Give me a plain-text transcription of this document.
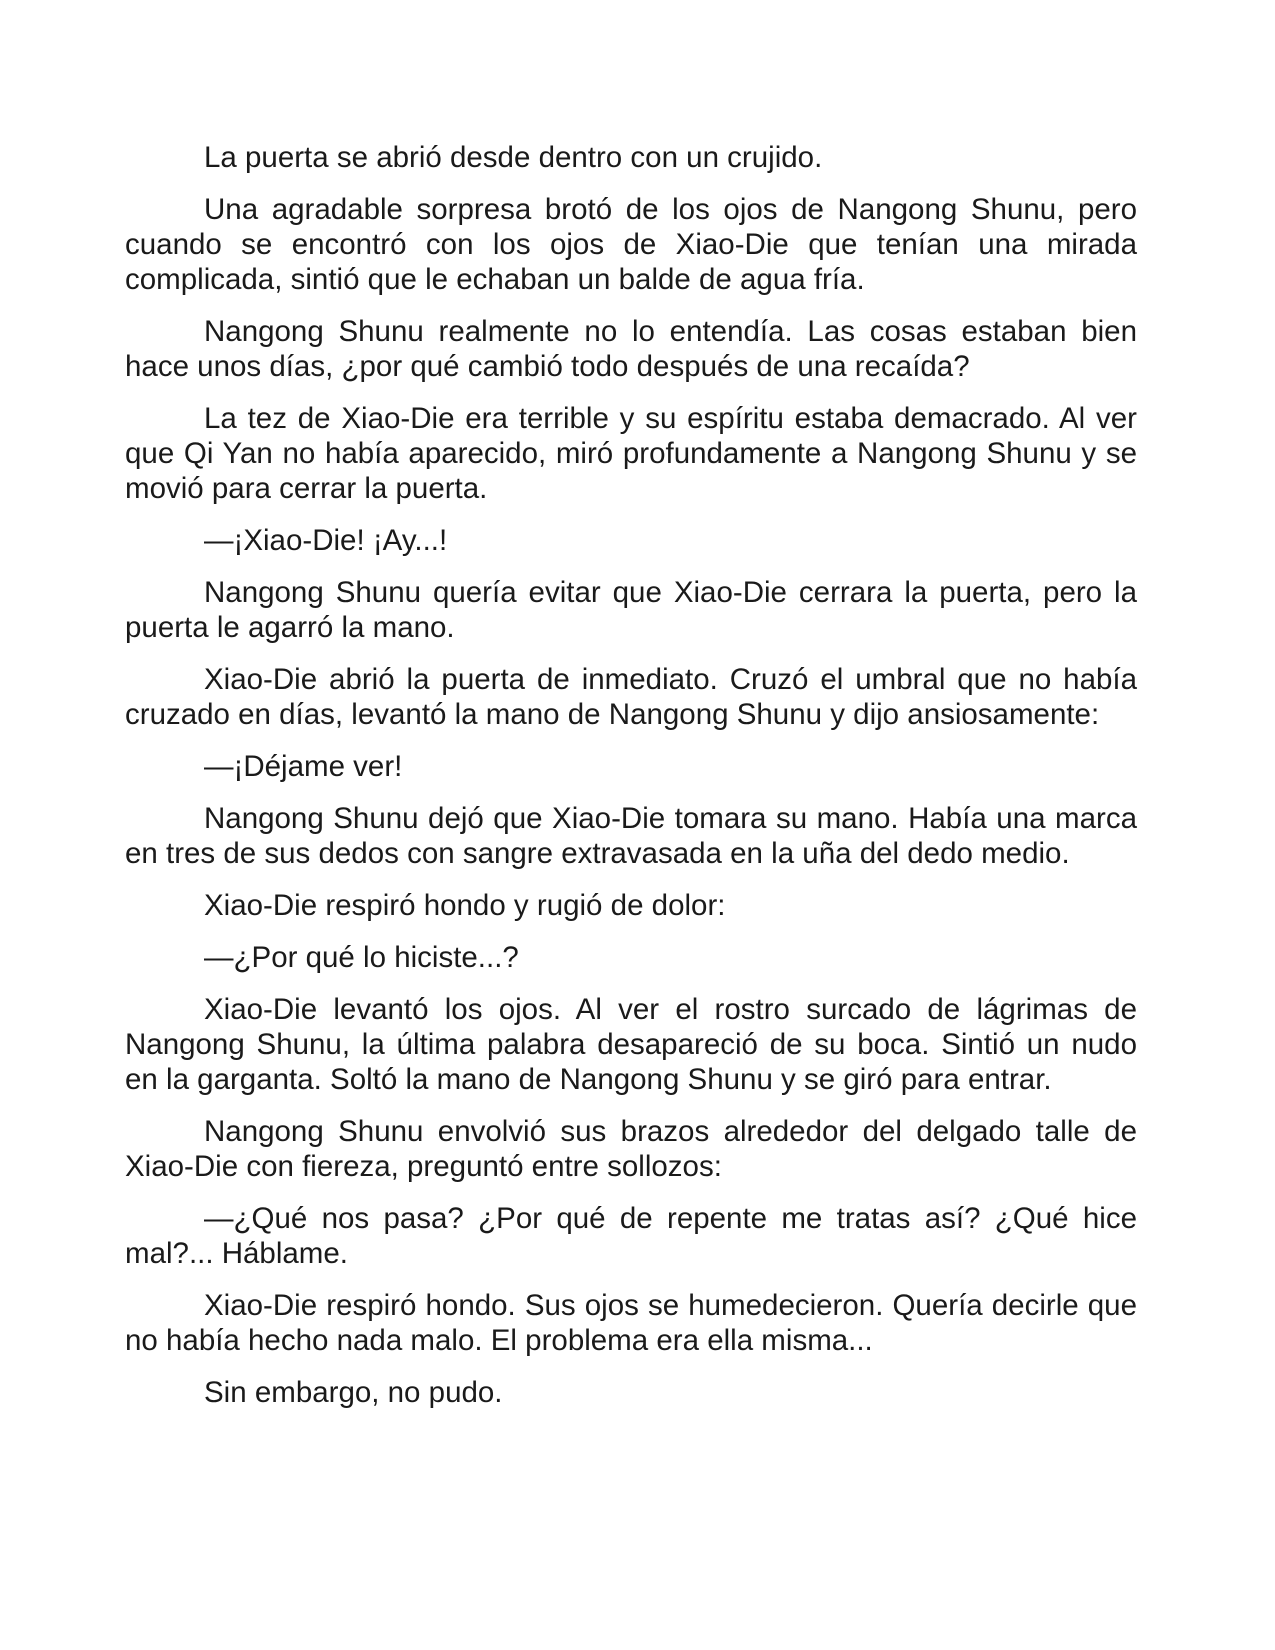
La puerta se abrió desde dentro con un crujido.

Una agradable sorpresa brotó de los ojos de Nangong Shunu, pero cuando se encontró con los ojos de Xiao-Die que tenían una mirada complicada, sintió que le echaban un balde de agua fría.

Nangong Shunu realmente no lo entendía. Las cosas estaban bien hace unos días, ¿por qué cambió todo después de una recaída?

La tez de Xiao-Die era terrible y su espíritu estaba demacrado. Al ver que Qi Yan no había aparecido, miró profundamente a Nangong Shunu y se movió para cerrar la puerta.

—¡Xiao-Die! ¡Ay...!

Nangong Shunu quería evitar que Xiao-Die cerrara la puerta, pero la puerta le agarró la mano.

Xiao-Die abrió la puerta de inmediato. Cruzó el umbral que no había cruzado en días, levantó la mano de Nangong Shunu y dijo ansiosamente:

—¡Déjame ver!

Nangong Shunu dejó que Xiao-Die tomara su mano. Había una marca en tres de sus dedos con sangre extravasada en la uña del dedo medio.

Xiao-Die respiró hondo y rugió de dolor:

—¿Por qué lo hiciste...?

Xiao-Die levantó los ojos. Al ver el rostro surcado de lágrimas de Nangong Shunu, la última palabra desapareció de su boca. Sintió un nudo en la garganta. Soltó la mano de Nangong Shunu y se giró para entrar.

Nangong Shunu envolvió sus brazos alrededor del delgado talle de Xiao-Die con fiereza, preguntó entre sollozos:

—¿Qué nos pasa? ¿Por qué de repente me tratas así? ¿Qué hice mal?... Háblame.

Xiao-Die respiró hondo. Sus ojos se humedecieron. Quería decirle que no había hecho nada malo. El problema era ella misma...

Sin embargo, no pudo.
